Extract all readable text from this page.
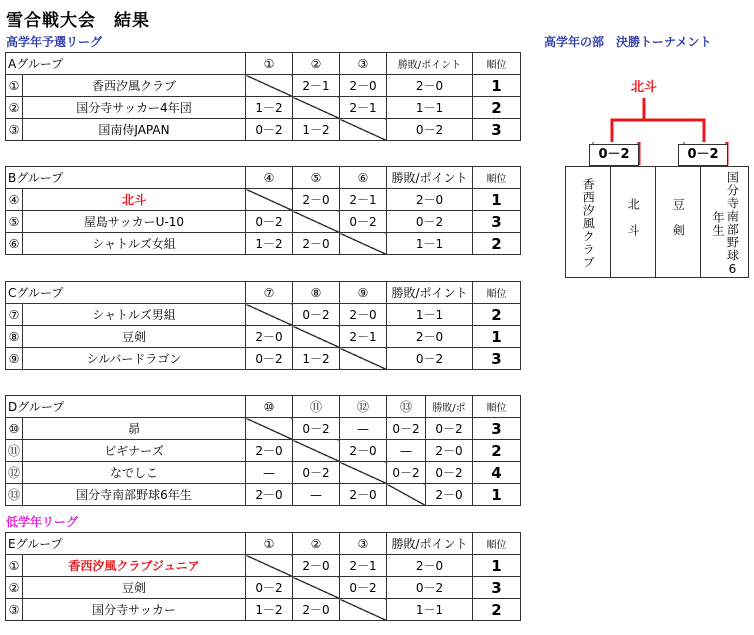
雪合戦大会　結果
高学年予選リーグ	高学年の部　決勝トーナメント
低学年リーグ
Aグループ		①	②	③	勝敗/ポイント	順位
①	香西汐風クラブ		2－1	2－0	2－0	1
②	国分寺サッカー4年団	1－2		2－1	1－1	2
③	国南侍JAPAN	0－2	1－2		0－2	3
Bグループ		④	⑤	⑥	勝敗/ポイント	順位
④	北斗		2－0	2－1	2－0	1
⑤	屋島サッカーU-10	0－2		0－2	0－2	3
⑥	シャトルズ女組	1－2	2－0		1－1	2
Cグループ		⑦	⑧	⑨	勝敗/ポイント	順位
⑦	シャトルズ男組		0－2	2－0	1－1	2
⑧	豆剣	2－0		2－1	2－0	1
⑨	シルバードラゴン	0－2	1－2		0－2	3
Dグループ		⑩	⑪	⑫	⑬	勝敗/ポ	順位
⑩	昴		0－2	—	0－2	0－2	3
⑪	ビギナーズ	2－0		2－0	—	2－0	2
⑫	なでしこ	—	0－2		0－2	0－2	4
⑬	国分寺南部野球6年生	2－0	—	2－0		2－0	1
Eグループ		①	②	③	勝敗/ポイント	順位
①	香西汐風クラブジュニア		2－0	2－1	2－0	1
②	豆剣	0－2		0－2	0－2	3
③	国分寺サッカー	1－2	2－0		1－1	2
北斗
0－2	0－2
香西汐風クラブ	北斗	豆剣	国分寺南部野球6年生
